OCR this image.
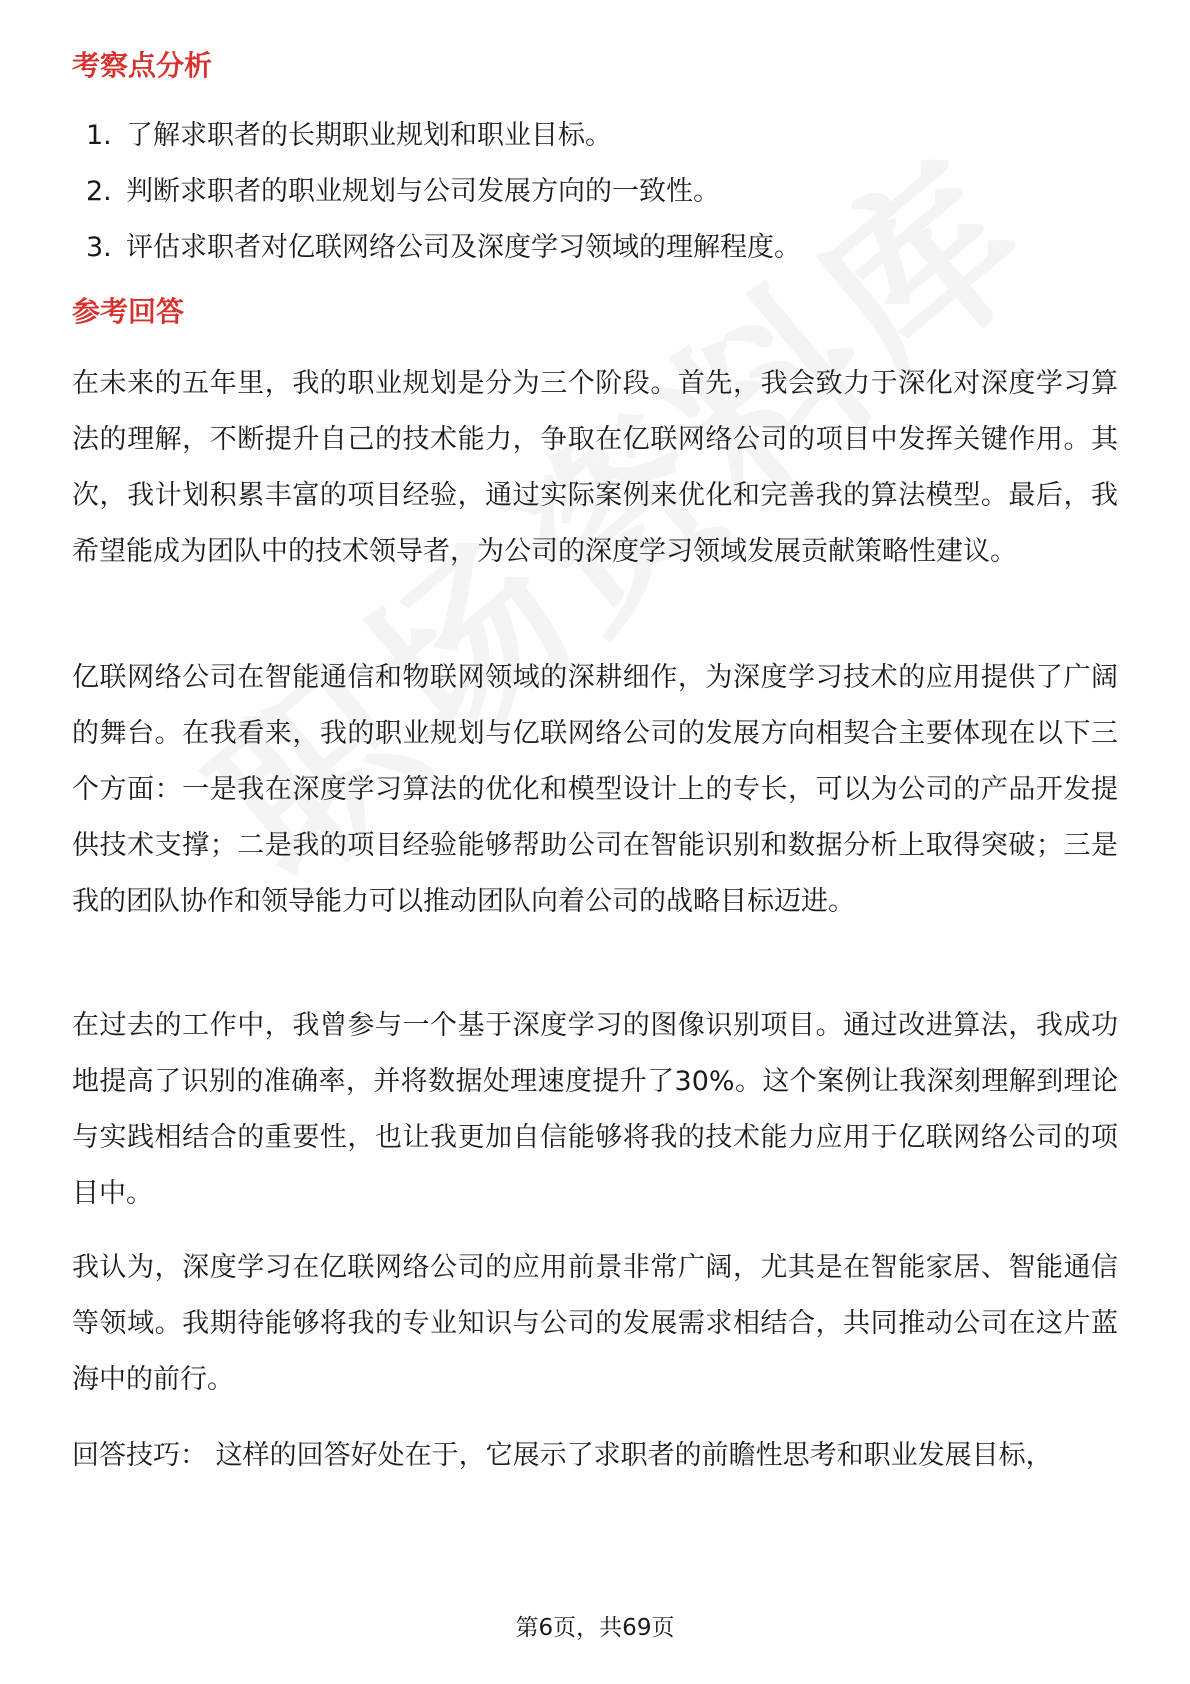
考察点分析
1. 了解求职者的长期职业规划和职业目标。
2. 判断求职者的职业规划与公司发展方向的一致性。
3. 评估求职者对亿联网络公司及深度学习领域的理解程度。
参考回答

在未来的五年里，我的职业规划是分为三个阶段。首先，我会致力于深化对深度学习算法的理解，不断提升自己的技术能力，争取在亿联网络公司的项目中发挥关键作用。其次，我计划积累丰富的项目经验，通过实际案例来优化和完善我的算法模型。最后，我希望能成为团队中的技术领导者，为公司的深度学习领域发展贡献策略性建议。

亿联网络公司在智能通信和物联网领域的深耕细作，为深度学习技术的应用提供了广阔的舞台。在我看来，我的职业规划与亿联网络公司的发展方向相契合主要体现在以下三个方面：一是我在深度学习算法的优化和模型设计上的专长，可以为公司的产品开发提供技术支撑；二是我的项目经验能够帮助公司在智能识别和数据分析上取得突破；三是我的团队协作和领导能力可以推动团队向着公司的战略目标迈进。

在过去的工作中，我曾参与一个基于深度学习的图像识别项目。通过改进算法，我成功地提高了识别的准确率，并将数据处理速度提升了30%。这个案例让我深刻理解到理论与实践相结合的重要性，也让我更加自信能够将我的技术能力应用于亿联网络公司的项目中。

我认为，深度学习在亿联网络公司的应用前景非常广阔，尤其是在智能家居、智能通信等领域。我期待能够将我的专业知识与公司的发展需求相结合，共同推动公司在这片蓝海中的前行。

回答技巧： 这样的回答好处在于，它展示了求职者的前瞻性思考和职业发展目标，

第6页，共69页
